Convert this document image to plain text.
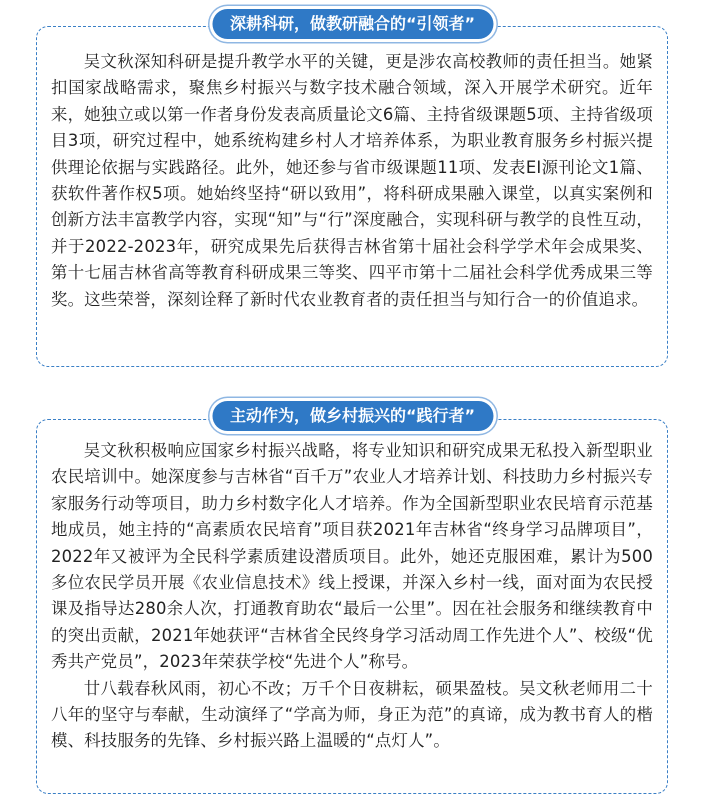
吴文秋深知科研是提升教学水平的关键，更是涉农高校教师的责任担当。她紧扣国家战略需求，聚焦乡村振兴与数字技术融合领域，深入开展学术研究。近年来，她独立或以第一作者身份发表高质量论文6篇、主持省级课题5项、主持省级项目3项，研究过程中，她系统构建乡村人才培养体系，为职业教育服务乡村振兴提供理论依据与实践路径。此外，她还参与省市级课题11项、发表EI源刊论文1篇、获软件著作权5项。她始终坚持“研以致用”，将科研成果融入课堂，以真实案例和创新方法丰富教学内容，实现“知”与“行”深度融合，实现科研与教学的良性互动，并于2022-2023年，研究成果先后获得吉林省第十届社会科学学术年会成果奖、第十七届吉林省高等教育科研成果三等奖、四平市第十二届社会科学优秀成果三等奖。这些荣誉，深刻诠释了新时代农业教育者的责任担当与知行合一的价值追求。

深耕科研，做教研融合的“引领者”

吴文秋积极响应国家乡村振兴战略，将专业知识和研究成果无私投入新型职业农民培训中。她深度参与吉林省“百千万”农业人才培养计划、科技助力乡村振兴专家服务行动等项目，助力乡村数字化人才培养。作为全国新型职业农民培育示范基地成员，她主持的“高素质农民培育”项目获2021年吉林省“终身学习品牌项目”，2022年又被评为全民科学素质建设潜质项目。此外，她还克服困难，累计为500多位农民学员开展《农业信息技术》线上授课，并深入乡村一线，面对面为农民授课及指导达280余人次，打通教育助农“最后一公里”。因在社会服务和继续教育中的突出贡献，2021年她获评“吉林省全民终身学习活动周工作先进个人”、校级“优秀共产党员”，2023年荣获学校“先进个人”称号。

廿八载春秋风雨，初心不改；万千个日夜耕耘，硕果盈枝。吴文秋老师用二十八年的坚守与奉献，生动演绎了“学高为师，身正为范”的真谛，成为教书育人的楷模、科技服务的先锋、乡村振兴路上温暖的“点灯人”。

主动作为，做乡村振兴的“践行者”
